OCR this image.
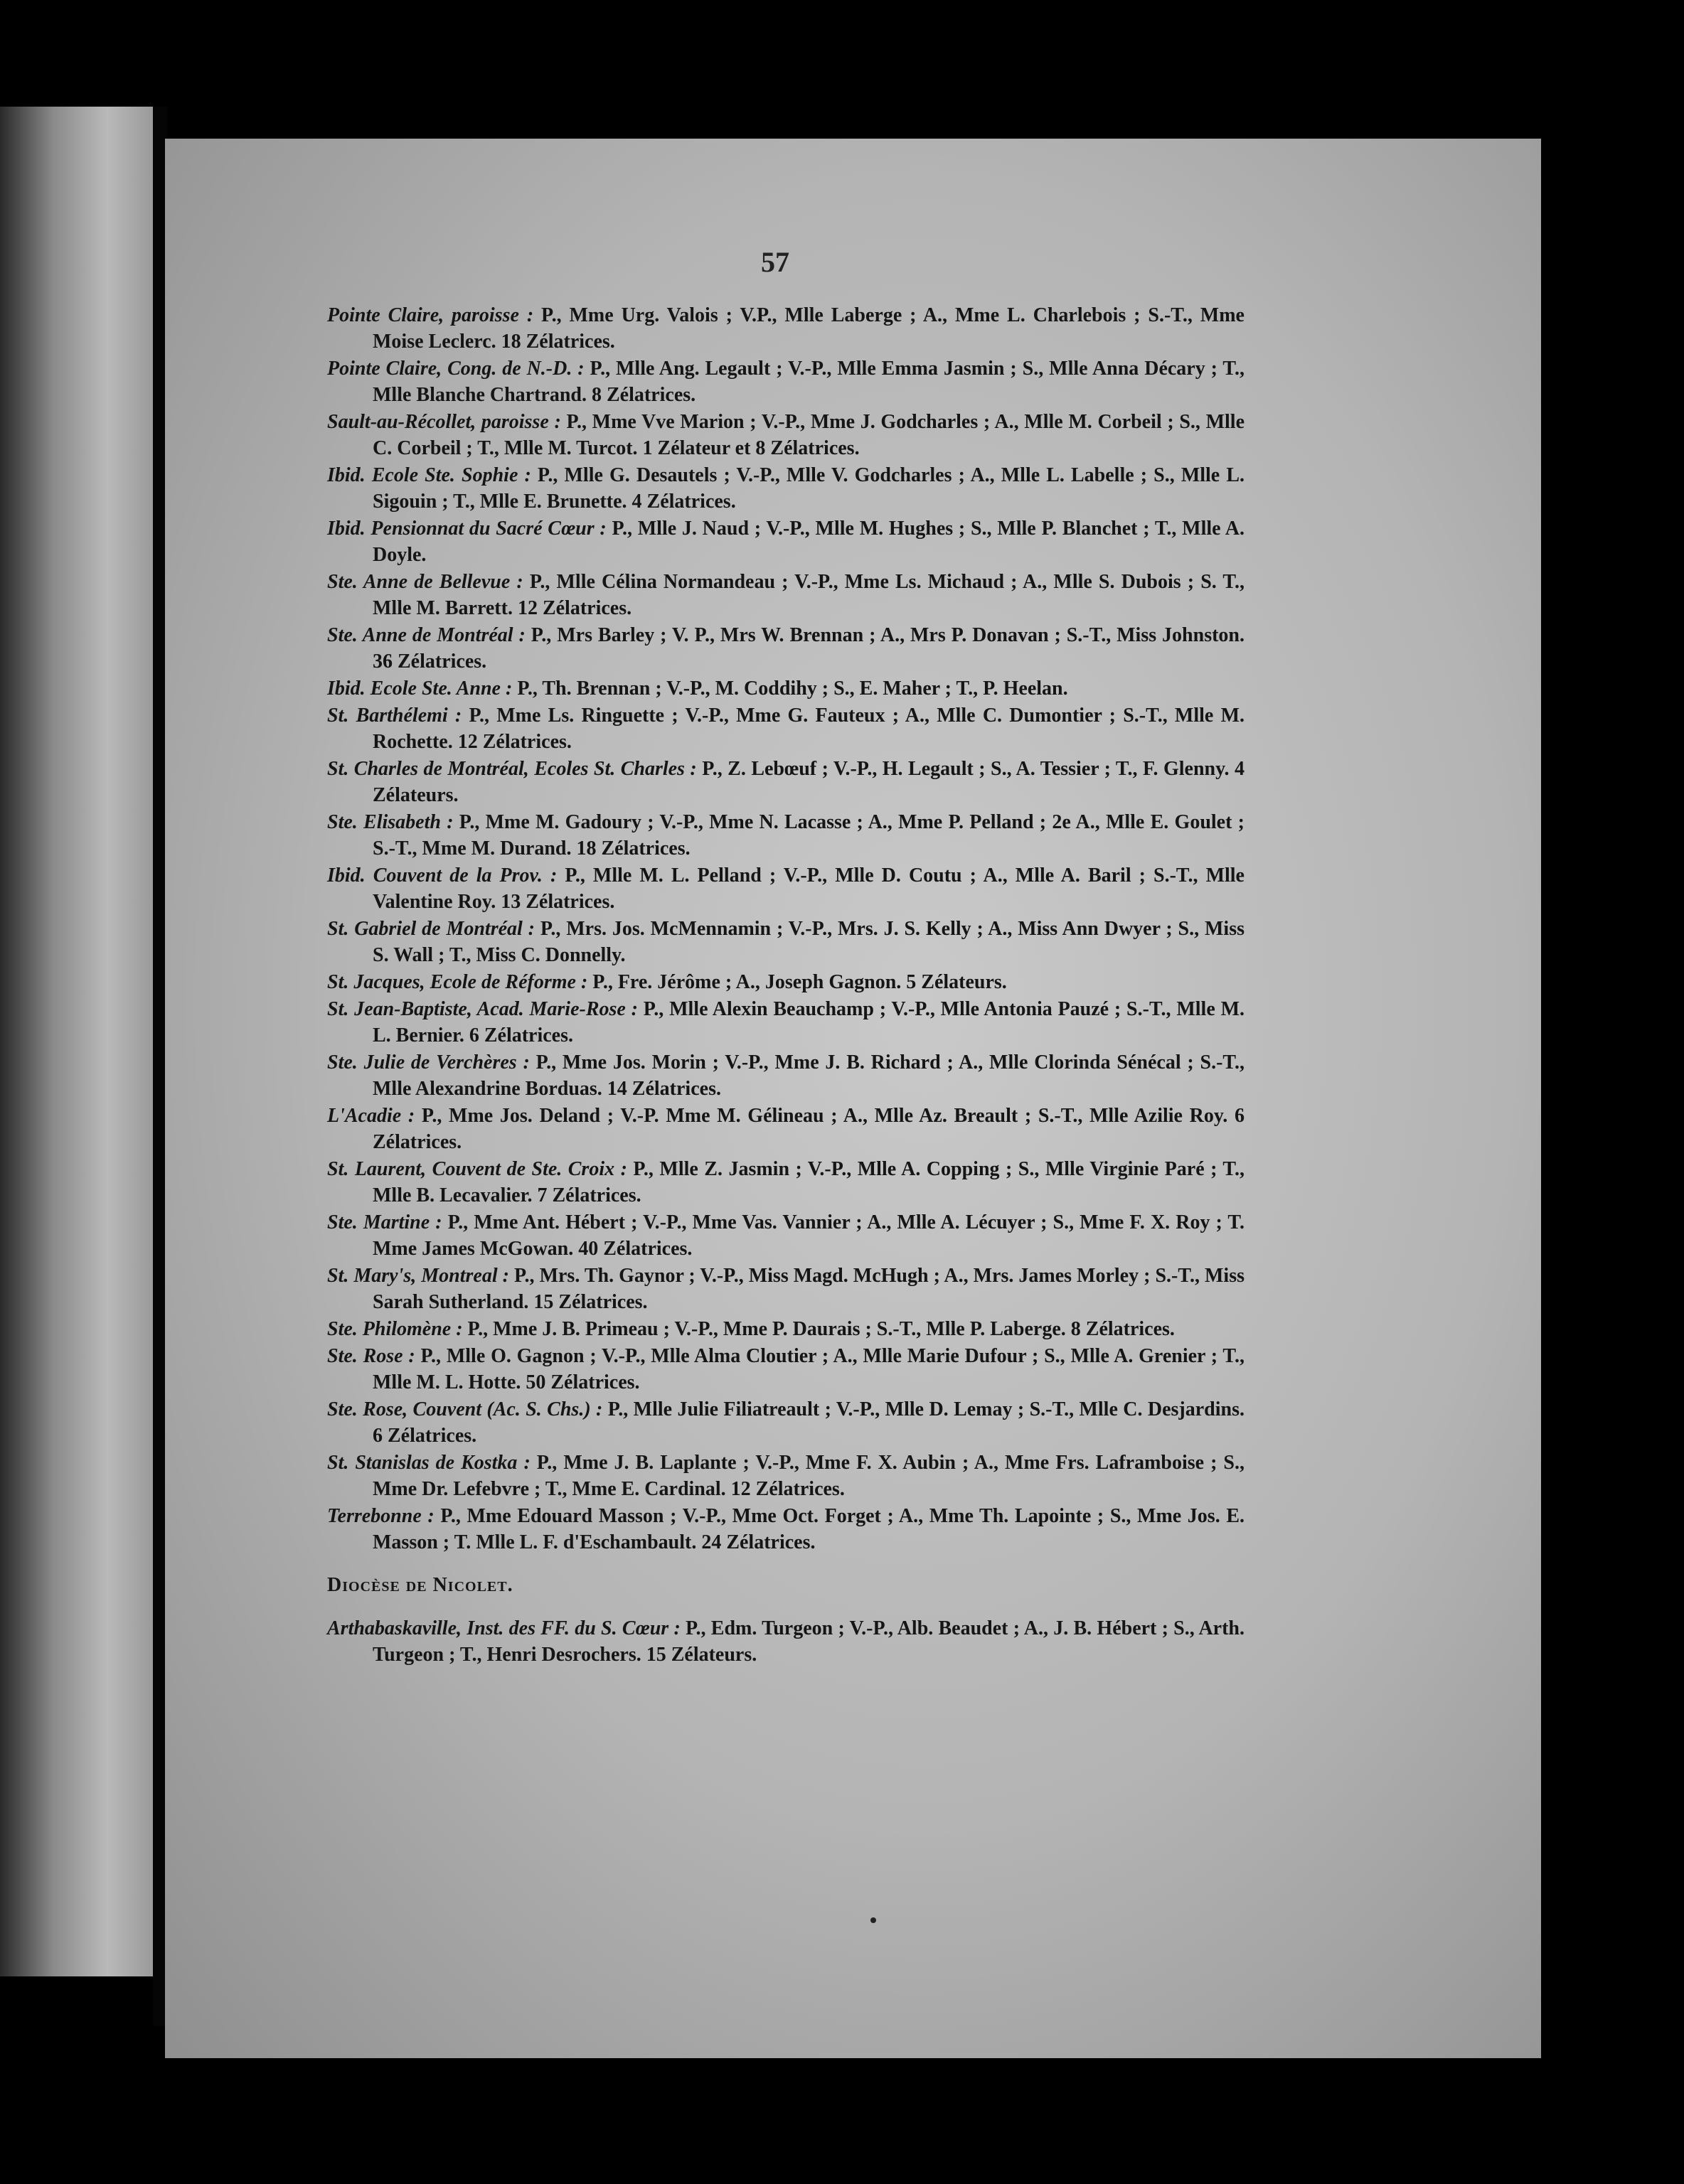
57
Pointe Claire, paroisse : P., Mme Urg. Valois ; V.P., Mlle Laberge ; A., Mme L. Charlebois ; S.-T., Mme Moise Leclerc. 18 Zélatrices.
Pointe Claire, Cong. de N.-D. : P., Mlle Ang. Legault ; V.-P., Mlle Emma Jasmin ; S., Mlle Anna Décary ; T., Mlle Blanche Chartrand. 8 Zélatrices.
Sault-au-Récollet, paroisse : P., Mme Vve Marion ; V.-P., Mme J. Godcharles ; A., Mlle M. Corbeil ; S., Mlle C. Corbeil ; T., Mlle M. Turcot. 1 Zélateur et 8 Zélatrices.
Ibid. Ecole Ste. Sophie : P., Mlle G. Desautels ; V.-P., Mlle V. Godcharles ; A., Mlle L. Labelle ; S., Mlle L. Sigouin ; T., Mlle E. Brunette. 4 Zélatrices.
Ibid. Pensionnat du Sacré Cœur : P., Mlle J. Naud ; V.-P., Mlle M. Hughes ; S., Mlle P. Blanchet ; T., Mlle A. Doyle.
Ste. Anne de Bellevue : P., Mlle Célina Normandeau ; V.-P., Mme Ls. Michaud ; A., Mlle S. Dubois ; S. T., Mlle M. Barrett. 12 Zélatrices.
Ste. Anne de Montréal : P., Mrs Barley ; V. P., Mrs W. Brennan ; A., Mrs P. Donavan ; S.-T., Miss Johnston. 36 Zélatrices.
Ibid. Ecole Ste. Anne : P., Th. Brennan ; V.-P., M. Coddihy ; S., E. Maher ; T., P. Heelan.
St. Barthélemi : P., Mme Ls. Ringuette ; V.-P., Mme G. Fauteux ; A., Mlle C. Dumontier ; S.-T., Mlle M. Rochette. 12 Zélatrices.
St. Charles de Montréal, Ecoles St. Charles : P., Z. Lebœuf ; V.-P., H. Legault ; S., A. Tessier ; T., F. Glenny. 4 Zélateurs.
Ste. Elisabeth : P., Mme M. Gadoury ; V.-P., Mme N. Lacasse ; A., Mme P. Pelland ; 2e A., Mlle E. Goulet ; S.-T., Mme M. Durand. 18 Zélatrices.
Ibid. Couvent de la Prov. : P., Mlle M. L. Pelland ; V.-P., Mlle D. Coutu ; A., Mlle A. Baril ; S.-T., Mlle Valentine Roy. 13 Zélatrices.
St. Gabriel de Montréal : P., Mrs. Jos. McMennamin ; V.-P., Mrs. J. S. Kelly ; A., Miss Ann Dwyer ; S., Miss S. Wall ; T., Miss C. Donnelly.
St. Jacques, Ecole de Réforme : P., Fre. Jérôme ; A., Joseph Gagnon. 5 Zélateurs.
St. Jean-Baptiste, Acad. Marie-Rose : P., Mlle Alexin Beauchamp ; V.-P., Mlle Antonia Pauzé ; S.-T., Mlle M. L. Bernier. 6 Zélatrices.
Ste. Julie de Verchères : P., Mme Jos. Morin ; V.-P., Mme J. B. Richard ; A., Mlle Clorinda Sénécal ; S.-T., Mlle Alexandrine Borduas. 14 Zélatrices.
L'Acadie : P., Mme Jos. Deland ; V.-P. Mme M. Gélineau ; A., Mlle Az. Breault ; S.-T., Mlle Azilie Roy. 6 Zélatrices.
St. Laurent, Couvent de Ste. Croix : P., Mlle Z. Jasmin ; V.-P., Mlle A. Copping ; S., Mlle Virginie Paré ; T., Mlle B. Lecavalier. 7 Zélatrices.
Ste. Martine : P., Mme Ant. Hébert ; V.-P., Mme Vas. Vannier ; A., Mlle A. Lécuyer ; S., Mme F. X. Roy ; T. Mme James McGowan. 40 Zélatrices.
St. Mary's, Montreal : P., Mrs. Th. Gaynor ; V.-P., Miss Magd. McHugh ; A., Mrs. James Morley ; S.-T., Miss Sarah Sutherland. 15 Zélatrices.
Ste. Philomène : P., Mme J. B. Primeau ; V.-P., Mme P. Daurais ; S.-T., Mlle P. Laberge. 8 Zélatrices.
Ste. Rose : P., Mlle O. Gagnon ; V.-P., Mlle Alma Cloutier ; A., Mlle Marie Dufour ; S., Mlle A. Grenier ; T., Mlle M. L. Hotte. 50 Zélatrices.
Ste. Rose, Couvent (Ac. S. Chs.) : P., Mlle Julie Filiatreault ; V.-P., Mlle D. Lemay ; S.-T., Mlle C. Desjardins. 6 Zélatrices.
St. Stanislas de Kostka : P., Mme J. B. Laplante ; V.-P., Mme F. X. Aubin ; A., Mme Frs. Laframboise ; S., Mme Dr. Lefebvre ; T., Mme E. Cardinal. 12 Zélatrices.
Terrebonne : P., Mme Edouard Masson ; V.-P., Mme Oct. Forget ; A., Mme Th. Lapointe ; S., Mme Jos. E. Masson ; T. Mlle L. F. d'Eschambault. 24 Zélatrices.
Diocèse de Nicolet.
Arthabaskaville, Inst. des FF. du S. Cœur : P., Edm. Turgeon ; V.-P., Alb. Beaudet ; A., J. B. Hébert ; S., Arth. Turgeon ; T., Henri Desrochers. 15 Zélateurs.
